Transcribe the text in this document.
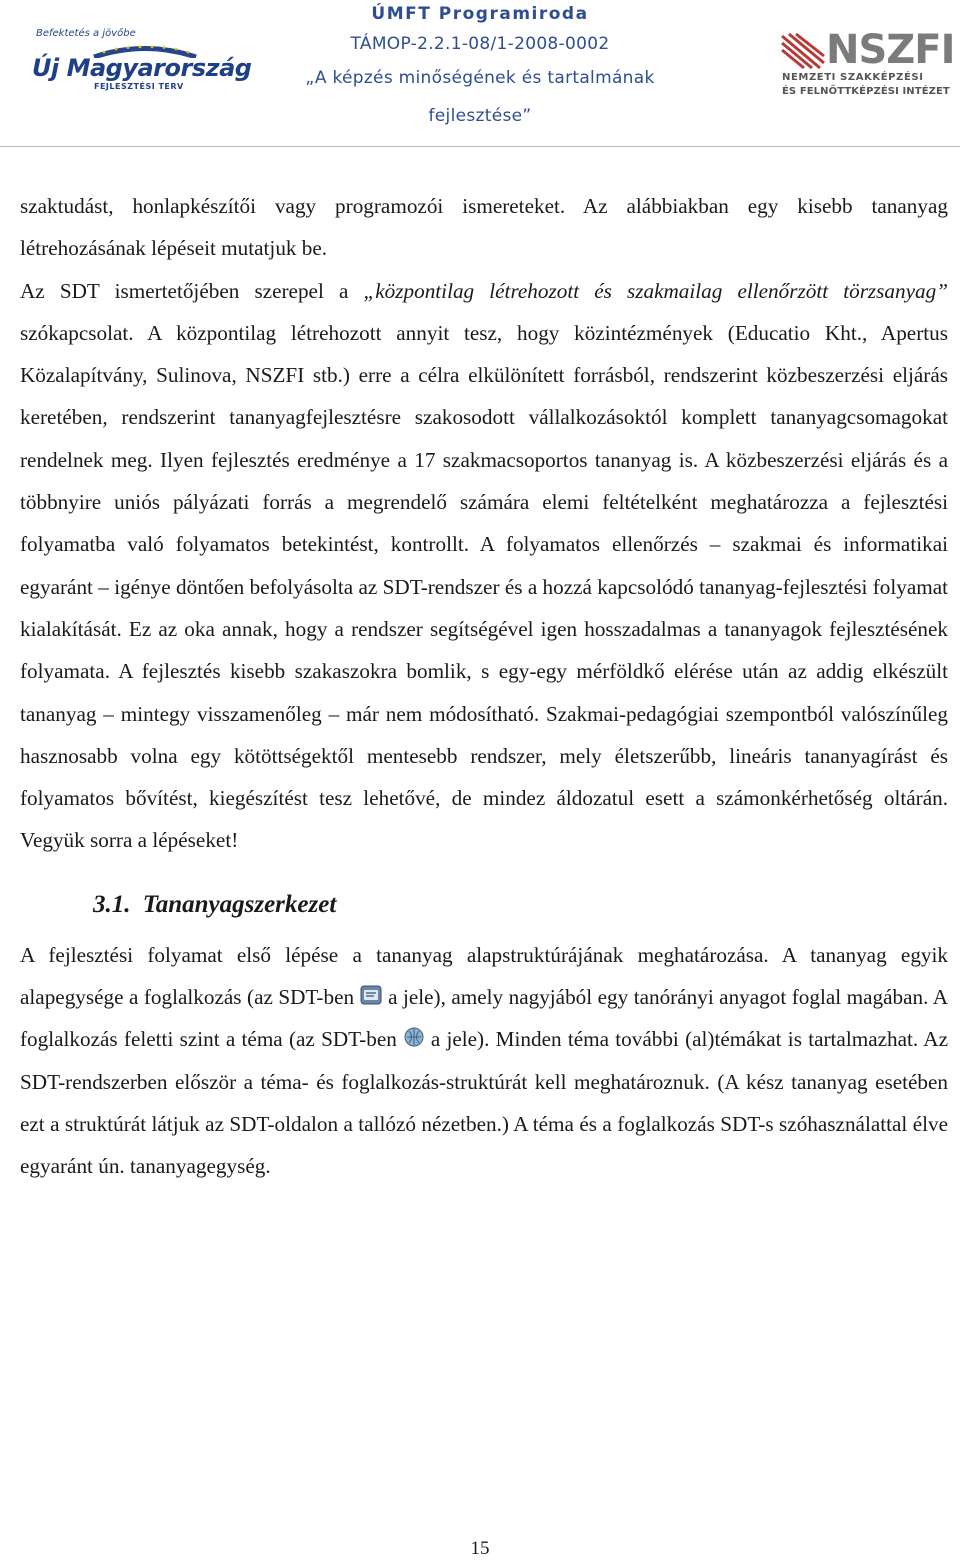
Befektetés a jövőbe
Új Magyarország
FEJLESZTÉSI TERV
ÚMFT Programiroda
TÁMOP-2.2.1-08/1-2008-0002
„A képzés minőségének és tartalmának
fejlesztése”
NSZFI
NEMZETI SZAKKÉPZÉSI
ÉS FELNŐTTKÉPZÉSI INTÉZET

szaktudást, honlapkészítői vagy programozói ismereteket. Az alábbiakban egy kisebb tananyag létrehozásának lépéseit mutatjuk be.

Az SDT ismertetőjében szerepel a „központilag létrehozott és szakmailag ellenőrzött törzsanyag” szókapcsolat. A központilag létrehozott annyit tesz, hogy közintézmények (Educatio Kht., Apertus Közalapítvány, Sulinova, NSZFI stb.) erre a célra elkülönített forrásból, rendszerint közbeszerzési eljárás keretében, rendszerint tananyagfejlesztésre szakosodott vállalkozásoktól komplett tananyagcsomagokat rendelnek meg. Ilyen fejlesztés eredménye a 17 szakmacsoportos tananyag is. A közbeszerzési eljárás és a többnyire uniós pályázati forrás a megrendelő számára elemi feltételként meghatározza a fejlesztési folyamatba való folyamatos betekintést, kontrollt. A folyamatos ellenőrzés – szakmai és informatikai egyaránt – igénye döntően befolyásolta az SDT-rendszer és a hozzá kapcsolódó tananyag-fejlesztési folyamat kialakítását. Ez az oka annak, hogy a rendszer segítségével igen hosszadalmas a tananyagok fejlesztésének folyamata. A fejlesztés kisebb szakaszokra bomlik, s egy-egy mérföldkő elérése után az addig elkészült tananyag – mintegy visszamenőleg – már nem módosítható. Szakmai-pedagógiai szempontból valószínűleg hasznosabb volna egy kötöttségektől mentesebb rendszer, mely életszerűbb, lineáris tananyagírást és folyamatos bővítést, kiegészítést tesz lehetővé, de mindez áldozatul esett a számonkérhetőség oltárán. Vegyük sorra a lépéseket!

3.1. Tananyagszerkezet

A fejlesztési folyamat első lépése a tananyag alapstruktúrájának meghatározása. A tananyag egyik alapegysége a foglalkozás (az SDT-ben a jele), amely nagyjából egy tanórányi anyagot foglal magában. A foglalkozás feletti szint a téma (az SDT-ben a jele). Minden téma további (al)témákat is tartalmazhat. Az SDT-rendszerben először a téma- és foglalkozás-struktúrát kell meghatároznuk. (A kész tananyag esetében ezt a struktúrát látjuk az SDT-oldalon a tallózó nézetben.) A téma és a foglalkozás SDT-s szóhasználattal élve egyaránt ún. tananyagegység.

15
